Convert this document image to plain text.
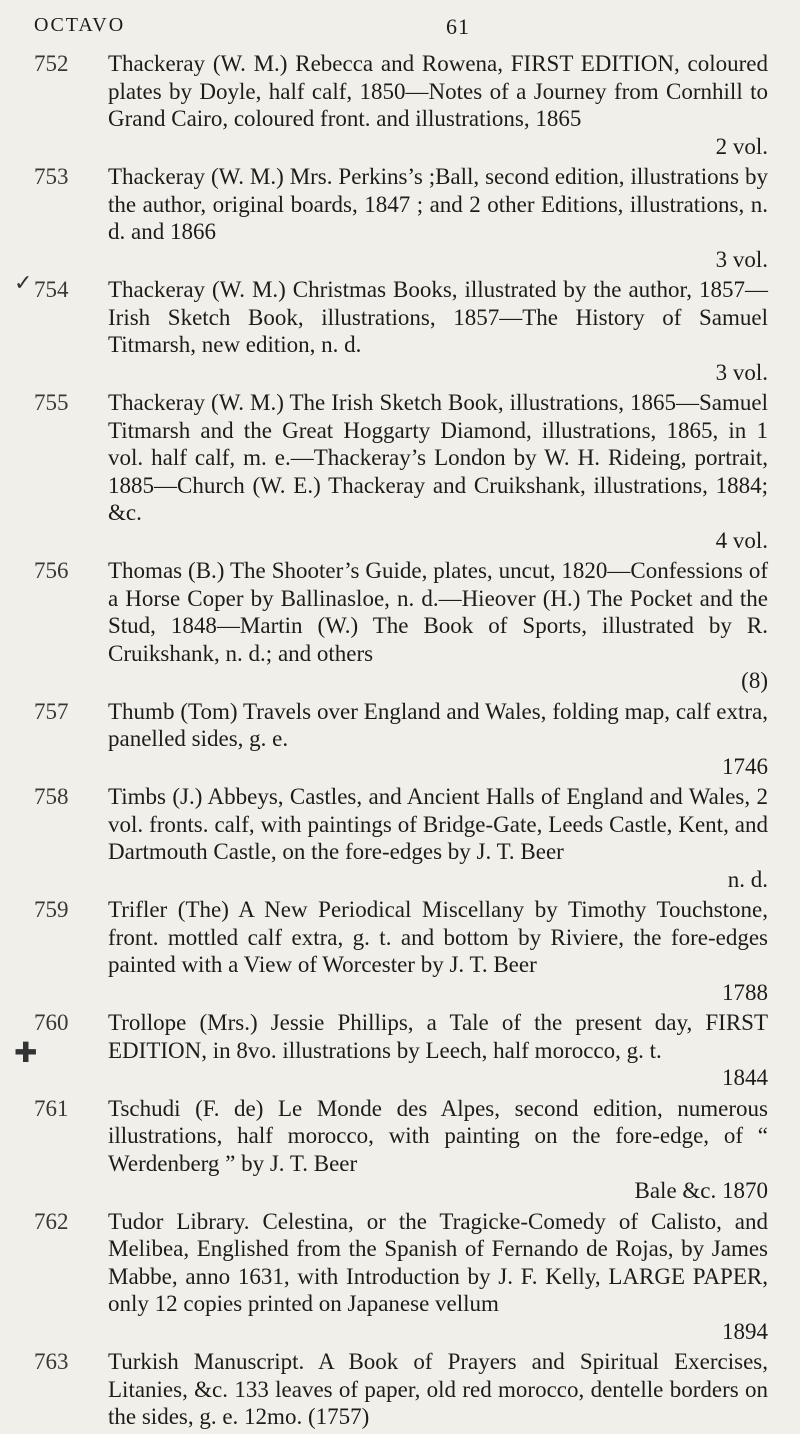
OCTAVO	61
✓
✚
752	Thackeray (W. M.) Rebecca and Rowena, FIRST EDITION, coloured plates by Doyle, half calf, 1850—Notes of a Journey from Cornhill to Grand Cairo, coloured front. and illustrations, 1865
2 vol.
753	Thackeray (W. M.) Mrs. Perkins’s ;Ball, second edition, illustrations by the author, original boards, 1847 ; and 2 other Editions, illustrations, n. d. and 1866
3 vol.
754	Thackeray (W. M.) Christmas Books, illustrated by the author, 1857—Irish Sketch Book, illustrations, 1857—The History of Samuel Titmarsh, new edition, n. d.
3 vol.
755	Thackeray (W. M.) The Irish Sketch Book, illustrations, 1865—Samuel Titmarsh and the Great Hoggarty Diamond, illustrations, 1865, in 1 vol. half calf, m. e.—Thackeray’s London by W. H. Rideing, portrait, 1885—Church (W. E.) Thackeray and Cruikshank, illustrations, 1884; &c.
4 vol.
756	Thomas (B.) The Shooter’s Guide, plates, uncut, 1820—Confessions of a Horse Coper by Ballinasloe, n. d.—Hieover (H.) The Pocket and the Stud, 1848—Martin (W.) The Book of Sports, illustrated by R. Cruikshank, n. d.; and others
(8)
757	Thumb (Tom) Travels over England and Wales, folding map, calf extra, panelled sides, g. e.
1746
758	Timbs (J.) Abbeys, Castles, and Ancient Halls of England and Wales, 2 vol. fronts. calf, with paintings of Bridge-Gate, Leeds Castle, Kent, and Dartmouth Castle, on the fore-edges by J. T. Beer
n. d.
759	Trifler (The) A New Periodical Miscellany by Timothy Touchstone, front. mottled calf extra, g. t. and bottom by Riviere, the fore-edges painted with a View of Worcester by J. T. Beer
1788
760	Trollope (Mrs.) Jessie Phillips, a Tale of the present day, FIRST EDITION, in 8vo. illustrations by Leech, half morocco, g. t.
1844
761	Tschudi (F. de) Le Monde des Alpes, second edition, numerous illustrations, half morocco, with painting on the fore-edge, of “ Werdenberg ” by J. T. Beer
Bale &c. 1870
762	Tudor Library. Celestina, or the Tragicke-Comedy of Calisto, and Melibea, Englished from the Spanish of Fernando de Rojas, by James Mabbe, anno 1631, with Introduction by J. F. Kelly, LARGE PAPER, only 12 copies printed on Japanese vellum
1894
763	Turkish Manuscript. A Book of Prayers and Spiritual Exercises, Litanies, &c. 133 leaves of paper, old red morocco, dentelle borders on the sides, g. e. 12mo. (1757)
